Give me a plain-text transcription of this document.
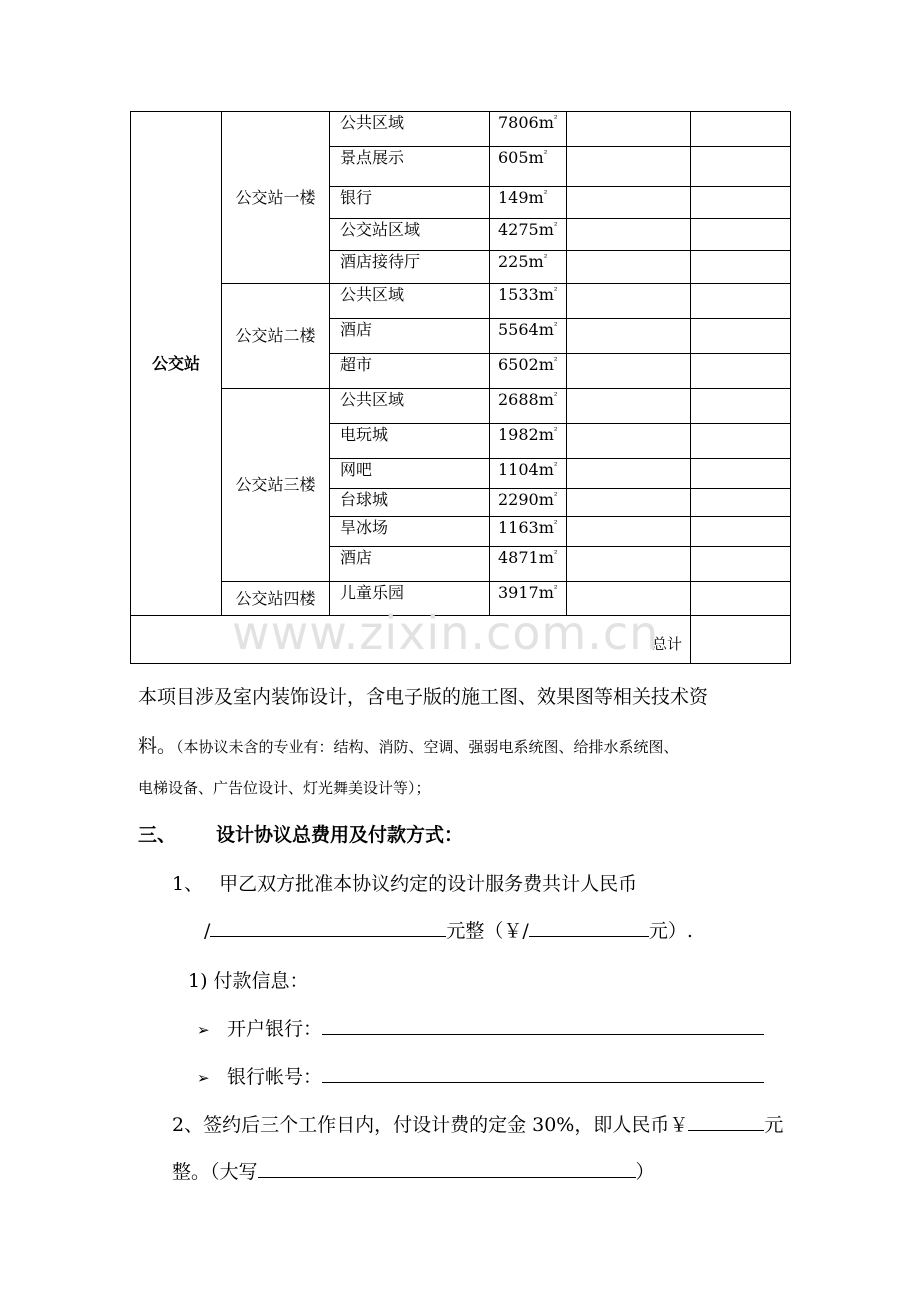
公交站	公交站一楼	公共区域	$7806m^{^2}$		
		景点展示	$605m^{^2}$		
		银行	$149m^{^2}$		
		公交站区域	$4275m^{^2}$		
		酒店接待厅	$225m^{^2}$		
	公交站二楼	公共区域	$1533m^{^2}$		
		酒店	$5564m^{^2}$		
		超市	$6502m^{^2}$		
	公交站三楼	公共区域	$2688m^{^2}$		
		电玩城	$1982m^{^2}$		
		网吧	$1104m^{^2}$		
		台球城	$2290m^{^2}$		
		旱冰场	$1163m^{^2}$		
		酒店	$4871m^{^2}$		
	公交站四楼	儿童乐园	$3917m^{^2}$		
总计					
www.zixin.com.cn
本项目涉及室内装饰设计，含电子版的施工图、效果图等相关技术资
料。（本协议未含的专业有：结构、消防、空调、强弱电系统图、给排水系统图、
电梯设备、广告位设计、灯光舞美设计等）；
三、 设计协议总费用及付款方式：
1、 甲乙双方批准本协议约定的设计服务费共计人民币
/	元整（￥/	元）.
1) 付款信息：
➢ 开户银行：
➢ 银行帐号：
2、签约后三个工作日内，付设计费的定金 30%，即人民币￥	元
整。（大写	）
